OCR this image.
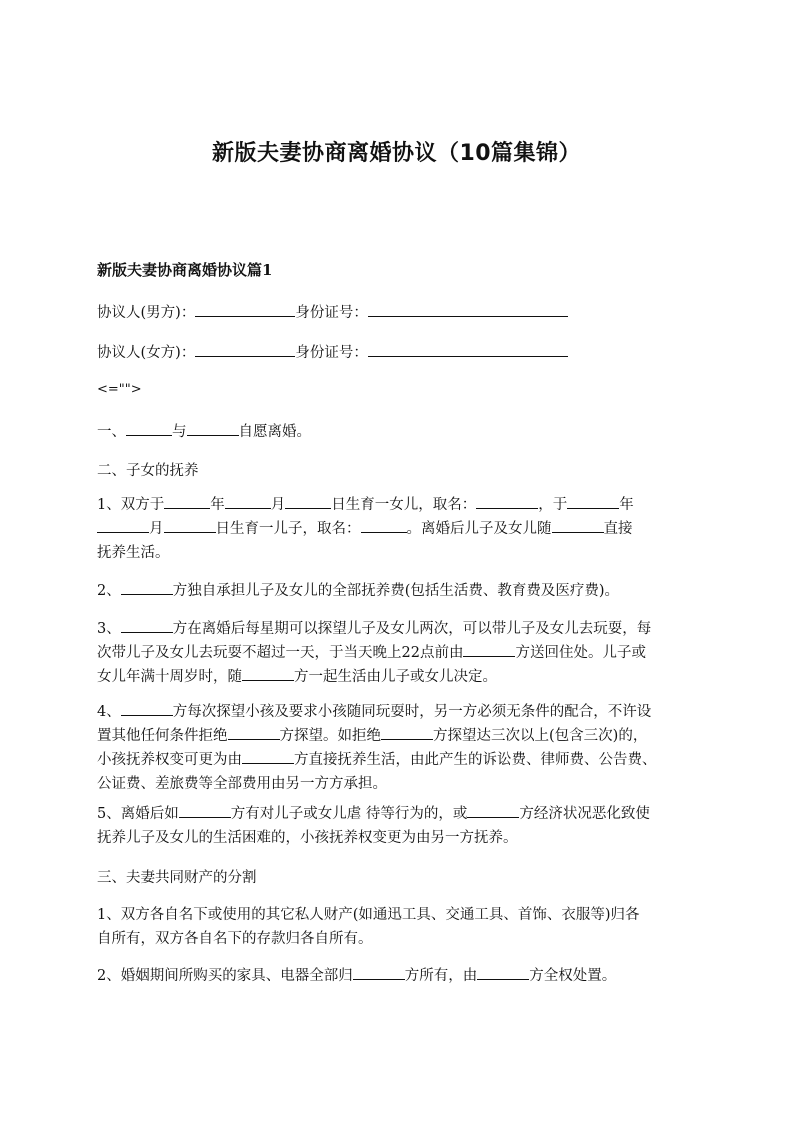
新版夫妻协商离婚协议（10篇集锦）
新版夫妻协商离婚协议篇1
协议人(男方)：	身份证号：
协议人(女方)：	身份证号：
<="">
一、	与	自愿离婚。
二、子女的抚养
1、双方于	年	月	日生育一女儿，取名：	，于	年
月	日生育一儿子，取名：	。离婚后儿子及女儿随	直接
抚养生活。
2、	方独自承担儿子及女儿的全部抚养费(包括生活费、教育费及医疗费)。
3、	方在离婚后每星期可以探望儿子及女儿两次，可以带儿子及女儿去玩耍，每
次带儿子及女儿去玩耍不超过一天，于当天晚上22点前由	方送回住处。儿子或
女儿年满十周岁时，随	方一起生活由儿子或女儿决定。
4、	方每次探望小孩及要求小孩随同玩耍时，另一方必须无条件的配合，不许设
置其他任何条件拒绝	方探望。如拒绝	方探望达三次以上(包含三次)的，
小孩抚养权变可更为由	方直接抚养生活，由此产生的诉讼费、律师费、公告费、
公证费、差旅费等全部费用由另一方方承担。
5、离婚后如	方有对儿子或女儿虐 待等行为的，或	方经济状况恶化致使
抚养儿子及女儿的生活困难的，小孩抚养权变更为由另一方抚养。
三、夫妻共同财产的分割
1、双方各自名下或使用的其它私人财产(如通迅工具、交通工具、首饰、衣服等)归各
自所有，双方各自名下的存款归各自所有。
2、婚姻期间所购买的家具、电器全部归	方所有，由	方全权处置。
